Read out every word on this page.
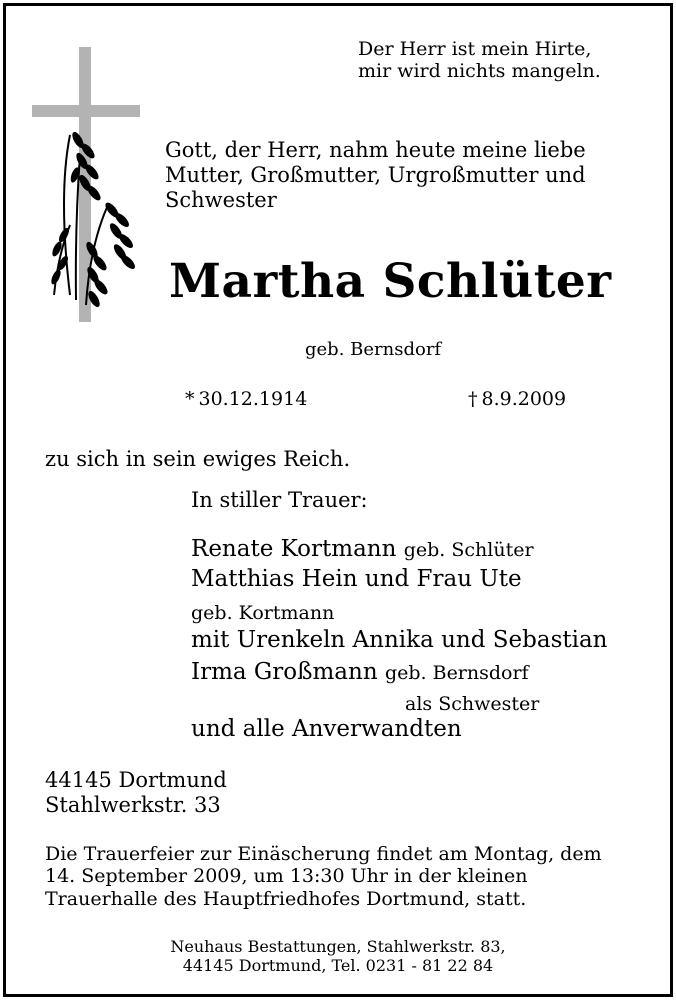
Der Herr ist mein Hirte,
mir wird nichts mangeln.
Gott, der Herr, nahm heute meine liebe
Mutter, Großmutter, Urgroßmutter und
Schwester
Martha Schlüter
geb. Bernsdorf
* 30.12.1914	† 8.9.2009
zu sich in sein ewiges Reich.
In stiller Trauer:
Renate Kortmann geb. Schlüter
Matthias Hein und Frau Ute
geb. Kortmann
mit Urenkeln Annika und Sebastian
Irma Großmann geb. Bernsdorf
als Schwester
und alle Anverwandten
44145 Dortmund
Stahlwerkstr. 33
Die Trauerfeier zur Einäscherung findet am Montag, dem
14. September 2009, um 13:30 Uhr in der kleinen
Trauerhalle des Hauptfriedhofes Dortmund, statt.
Neuhaus Bestattungen, Stahlwerkstr. 83,
44145 Dortmund, Tel. 0231 - 81 22 84
